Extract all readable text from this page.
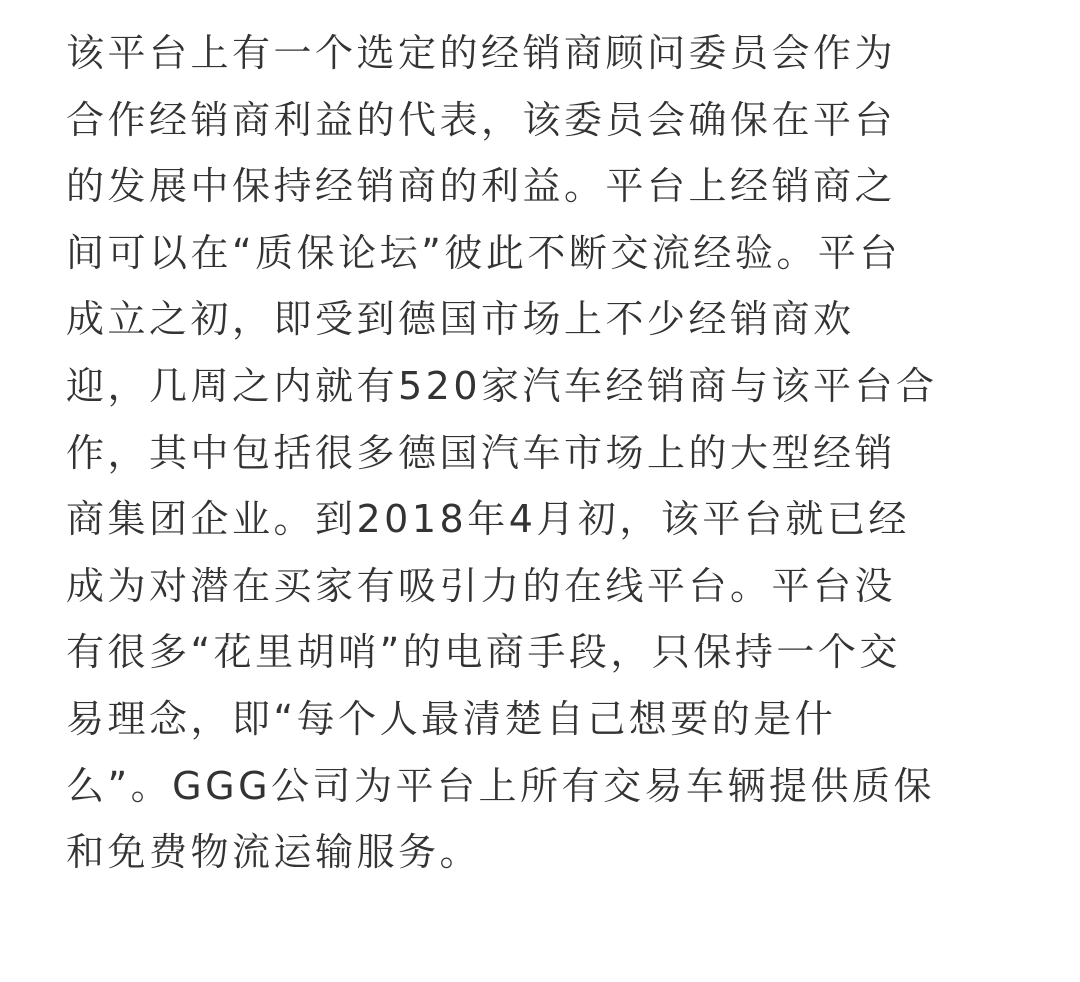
该平台上有一个选定的经销商顾问委员会作为
合作经销商利益的代表，该委员会确保在平台
的发展中保持经销商的利益。平台上经销商之
间可以在“质保论坛”彼此不断交流经验。平台
成立之初，即受到德国市场上不少经销商欢
迎，几周之内就有520家汽车经销商与该平台合
作，其中包括很多德国汽车市场上的大型经销
商集团企业。到2018年4月初，该平台就已经
成为对潜在买家有吸引力的在线平台。平台没
有很多“花里胡哨”的电商手段，只保持一个交
易理念，即“每个人最清楚自己想要的是什
么”。GGG公司为平台上所有交易车辆提供质保
和免费物流运输服务。
